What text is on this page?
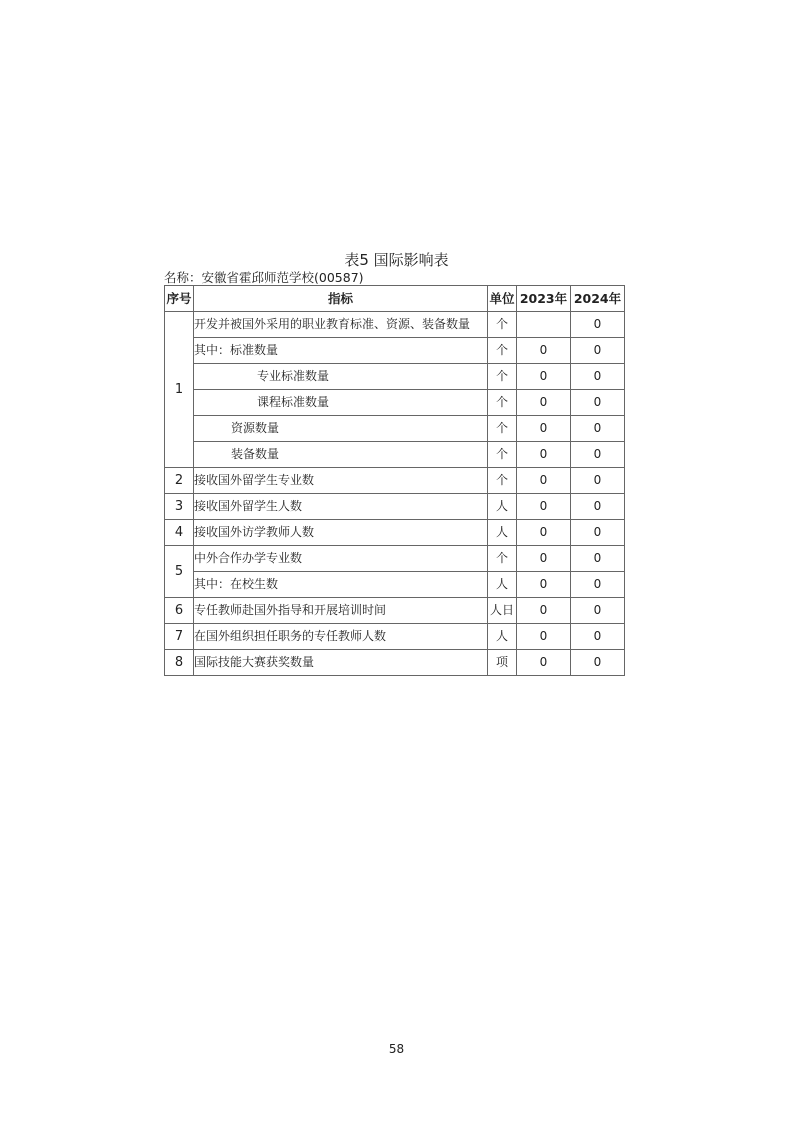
表5 国际影响表
名称：安徽省霍邱师范学校(00587)
序号	指标	单位	2023年	2024年
1	开发并被国外采用的职业教育标准、资源、装备数量	个		0
	其中：标准数量	个	0	0
	专业标准数量	个	0	0
	课程标准数量	个	0	0
	资源数量	个	0	0
	装备数量	个	0	0
2	接收国外留学生专业数	个	0	0
3	接收国外留学生人数	人	0	0
4	接收国外访学教师人数	人	0	0
5	中外合作办学专业数	个	0	0
	其中：在校生数	人	0	0
6	专任教师赴国外指导和开展培训时间	人日	0	0
7	在国外组织担任职务的专任教师人数	人	0	0
8	国际技能大赛获奖数量	项	0	0
58
